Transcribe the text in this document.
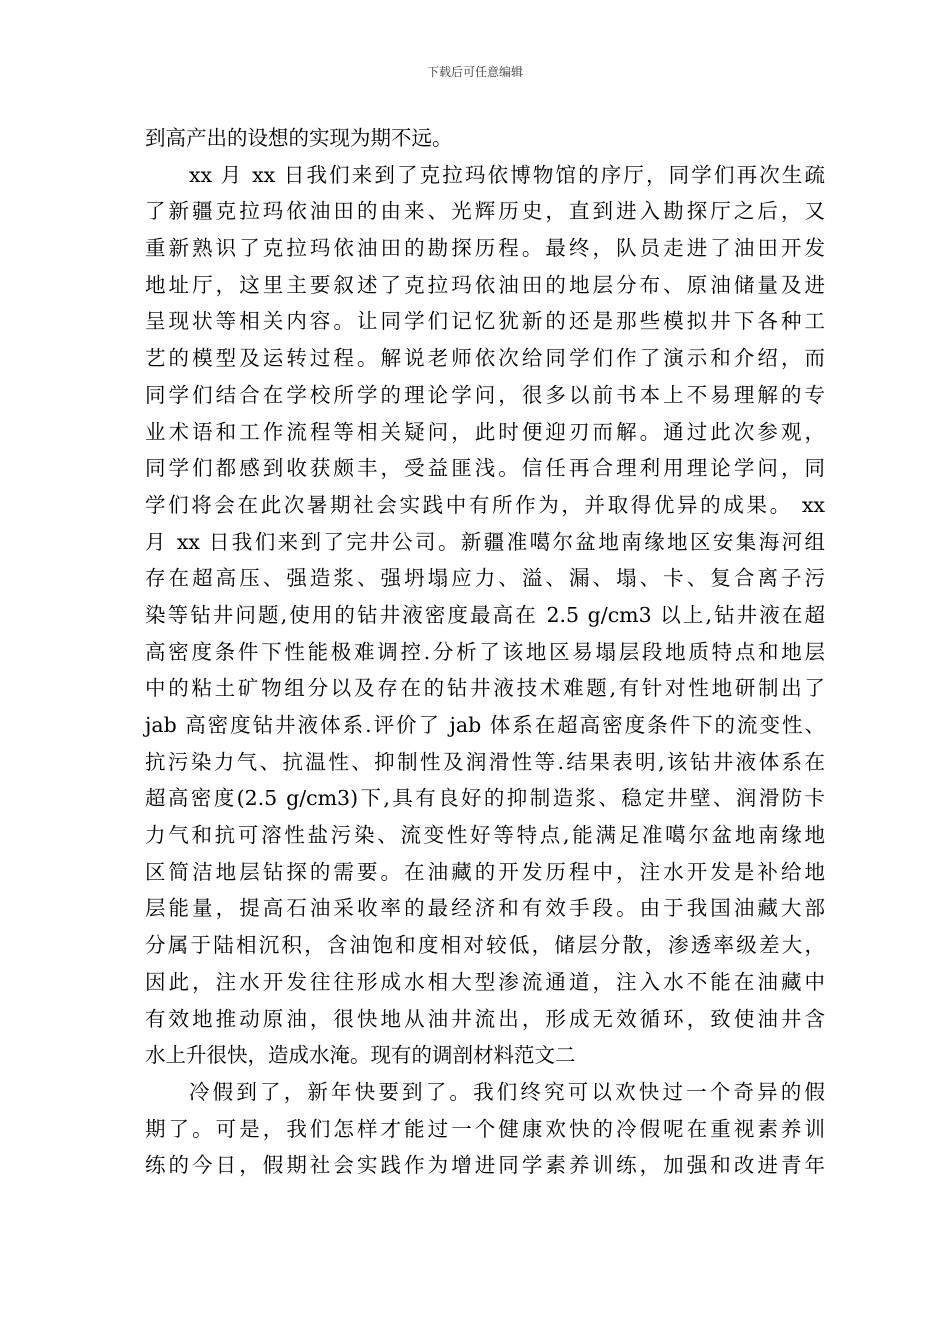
下载后可任意编辑
到高产出的设想的实现为期不远。
xx 月 xx 日我们来到了克拉玛依博物馆的序厅，同学们再次生疏
了新疆克拉玛依油田的由来、光辉历史，直到进入勘探厅之后，又
重新熟识了克拉玛依油田的勘探历程。最终，队员走进了油田开发
地址厅，这里主要叙述了克拉玛依油田的地层分布、原油储量及进
呈现状等相关内容。让同学们记忆犹新的还是那些模拟井下各种工
艺的模型及运转过程。解说老师依次给同学们作了演示和介绍，而
同学们结合在学校所学的理论学问，很多以前书本上不易理解的专
业术语和工作流程等相关疑问，此时便迎刃而解。通过此次参观，
同学们都感到收获颇丰，受益匪浅。信任再合理利用理论学问，同
学们将会在此次暑期社会实践中有所作为，并取得优异的成果。 xx
月 xx 日我们来到了完井公司。新疆准噶尔盆地南缘地区安集海河组
存在超高压、强造浆、强坍塌应力、溢、漏、塌、卡、复合离子污
染等钻井问题,使用的钻井液密度最高在 2.5 g/cm3 以上,钻井液在超
高密度条件下性能极难调控.分析了该地区易塌层段地质特点和地层
中的粘土矿物组分以及存在的钻井液技术难题,有针对性地研制出了
jab 高密度钻井液体系.评价了 jab 体系在超高密度条件下的流变性、
抗污染力气、抗温性、抑制性及润滑性等.结果表明,该钻井液体系在
超高密度(2.5 g/cm3)下,具有良好的抑制造浆、稳定井壁、润滑防卡
力气和抗可溶性盐污染、流变性好等特点,能满足准噶尔盆地南缘地
区简洁地层钻探的需要。在油藏的开发历程中，注水开发是补给地
层能量，提高石油采收率的最经济和有效手段。由于我国油藏大部
分属于陆相沉积，含油饱和度相对较低，储层分散，渗透率级差大，
因此，注水开发往往形成水相大型渗流通道，注入水不能在油藏中
有效地推动原油，很快地从油井流出，形成无效循环，致使油井含
水上升很快，造成水淹。现有的调剖材料范文二
冷假到了，新年快要到了。我们终究可以欢快过一个奇异的假
期了。可是，我们怎样才能过一个健康欢快的冷假呢在重视素养训
练的今日，假期社会实践作为增进同学素养训练，加强和改进青年
